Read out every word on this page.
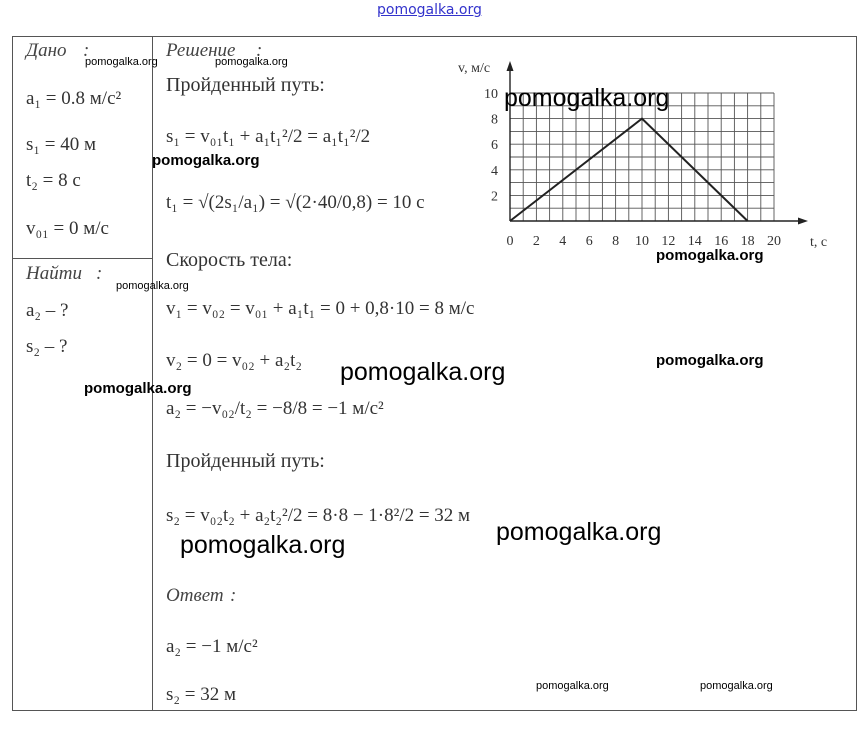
pomogalka.org
Дано :
a₁ = 0.8 м/с²
s₁ = 40 м
t₂ = 8 с
v₀₁ = 0 м/с
Найти :
a₂ – ?
s₂ – ?
Решение :
Пройденный путь:
s₁ = v₀₁t₁ + a₁t₁²/2 = a₁t₁²/2
t₁ = √(2s₁/a₁) = √(2·40/0,8) = 10 с
Скорость тела:
v₁ = v₀₂ = v₀₁ + a₁t₁ = 0 + 0,8·10 = 8 м/с
v₂ = 0 = v₀₂ + a₂t₂
a₂ = −v₀₂/t₂ = −8/8 = −1 м/с²
Пройденный путь:
s₂ = v₀₂t₂ + a₂t₂²/2 = 8·8 − 1·8²/2 = 32 м
Ответ :
a₂ = −1 м/с²
s₂ = 32 м
0 2 4 6 8 10 12 14 16 18 20
2
4
6
8
10
v, м/с
t, с
pomogalka.org	pomogalka.org
pomogalka.org
pomogalka.org
pomogalka.org
pomogalka.org
pomogalka.org
pomogalka.org
pomogalka.org
pomogalka.org
pomogalka.org
pomogalka.org	pomogalka.org
